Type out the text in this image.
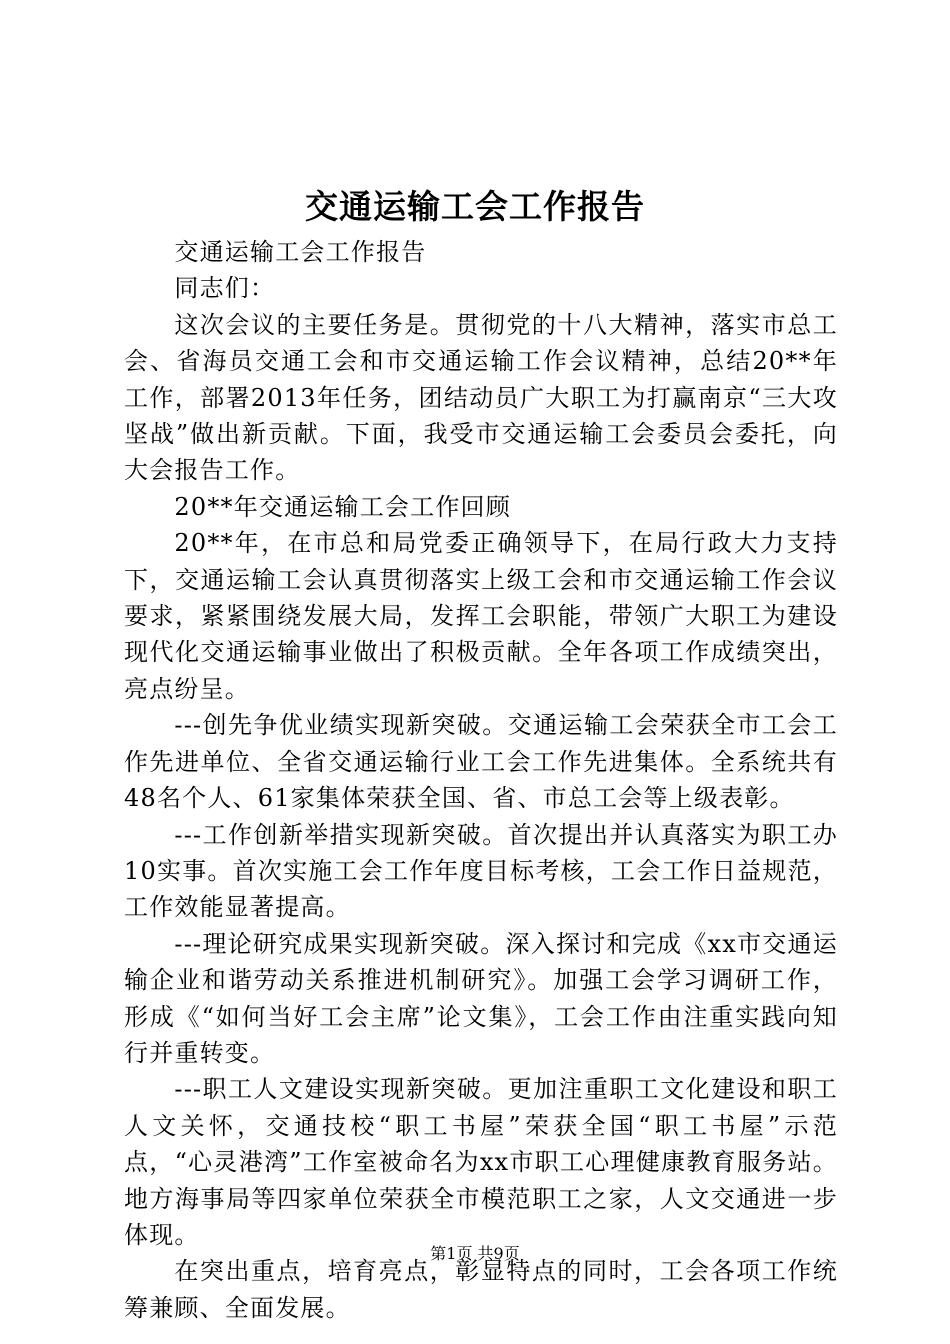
交通运输工会工作报告

交通运输工会工作报告

同志们：

这次会议的主要任务是。贯彻党的十八大精神，落实市总工会、省海员交通工会和市交通运输工作会议精神，总结20**年工作，部署2013年任务，团结动员广大职工为打赢南京“三大攻坚战”做出新贡献。下面，我受市交通运输工会委员会委托，向大会报告工作。

20**年交通运输工会工作回顾

20**年，在市总和局党委正确领导下，在局行政大力支持下，交通运输工会认真贯彻落实上级工会和市交通运输工作会议要求，紧紧围绕发展大局，发挥工会职能，带领广大职工为建设现代化交通运输事业做出了积极贡献。全年各项工作成绩突出，亮点纷呈。

---创先争优业绩实现新突破。交通运输工会荣获全市工会工作先进单位、全省交通运输行业工会工作先进集体。全系统共有48名个人、61家集体荣获全国、省、市总工会等上级表彰。

---工作创新举措实现新突破。首次提出并认真落实为职工办10实事。首次实施工会工作年度目标考核，工会工作日益规范，工作效能显著提高。

---理论研究成果实现新突破。深入探讨和完成《xx市交通运输企业和谐劳动关系推进机制研究》。加强工会学习调研工作，形成《“如何当好工会主席”论文集》，工会工作由注重实践向知行并重转变。

---职工人文建设实现新突破。更加注重职工文化建设和职工人文关怀，交通技校“职工书屋”荣获全国“职工书屋”示范点，“心灵港湾”工作室被命名为xx市职工心理健康教育服务站。地方海事局等四家单位荣获全市模范职工之家，人文交通进一步体现。

在突出重点，培育亮点，彰显特点的同时，工会各项工作统筹兼顾、全面发展。

第1页 共9页
